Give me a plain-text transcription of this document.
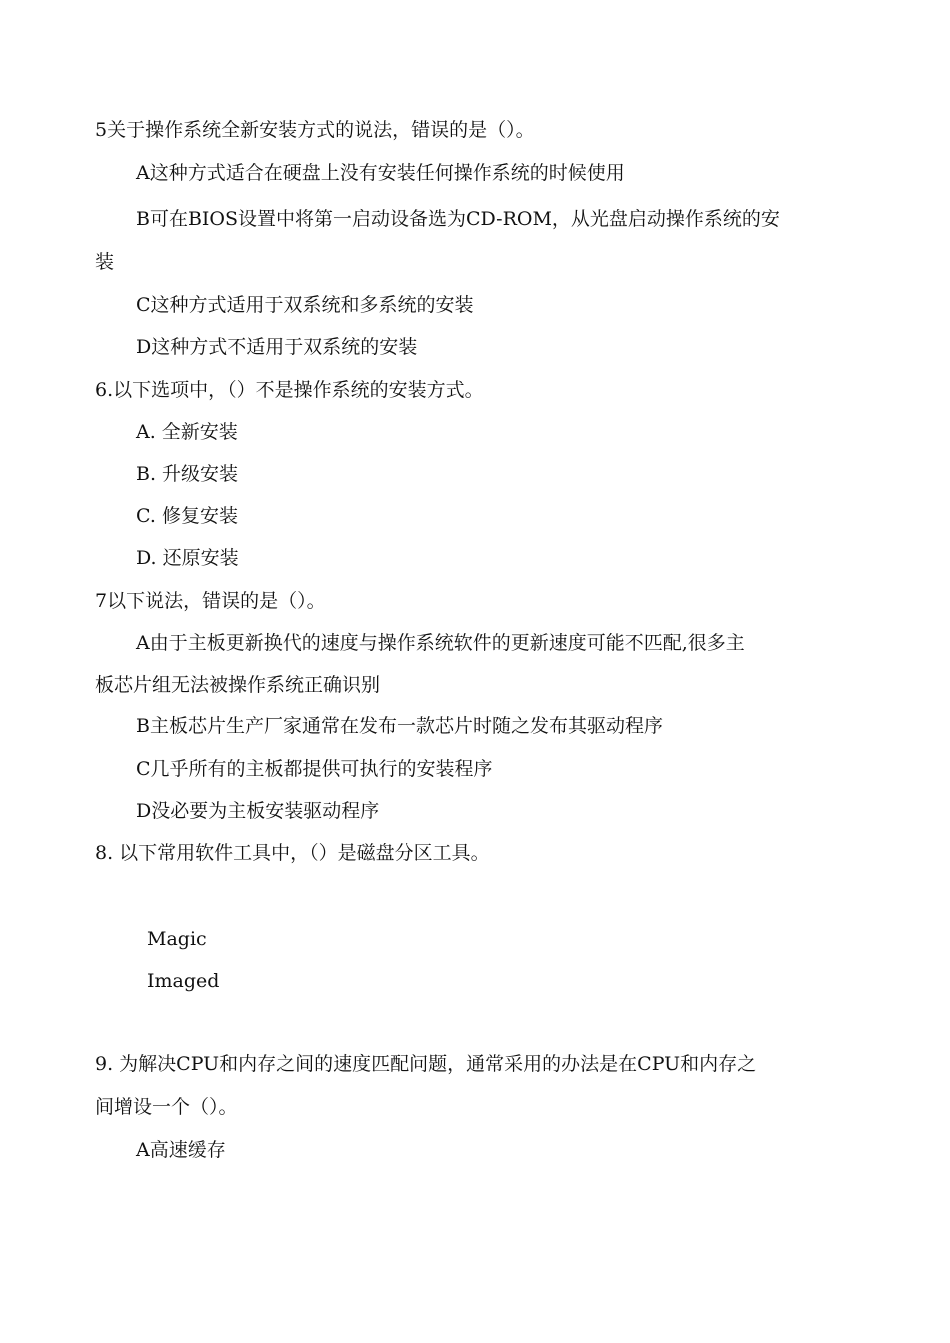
5关于操作系统全新安装方式的说法，错误的是（）。
A这种方式适合在硬盘上没有安装任何操作系统的时候使用
B可在BIOS设置中将第一启动设备选为CD-ROM，从光盘启动操作系统的安
装
C这种方式适用于双系统和多系统的安装
D这种方式不适用于双系统的安装
6.以下选项中，（）不是操作系统的安装方式。
A. 全新安装
B. 升级安装
C. 修复安装
D. 还原安装
7以下说法，错误的是（）。
A由于主板更新换代的速度与操作系统软件的更新速度可能不匹配,很多主
板芯片组无法被操作系统正确识别
B主板芯片生产厂家通常在发布一款芯片时随之发布其驱动程序
C几乎所有的主板都提供可执行的安装程序
D没必要为主板安装驱动程序
8. 以下常用软件工具中，（）是磁盘分区工具。
Magic
Imaged
9. 为解决CPU和内存之间的速度匹配问题，通常采用的办法是在CPU和内存之
间增设一个（）。
A高速缓存
